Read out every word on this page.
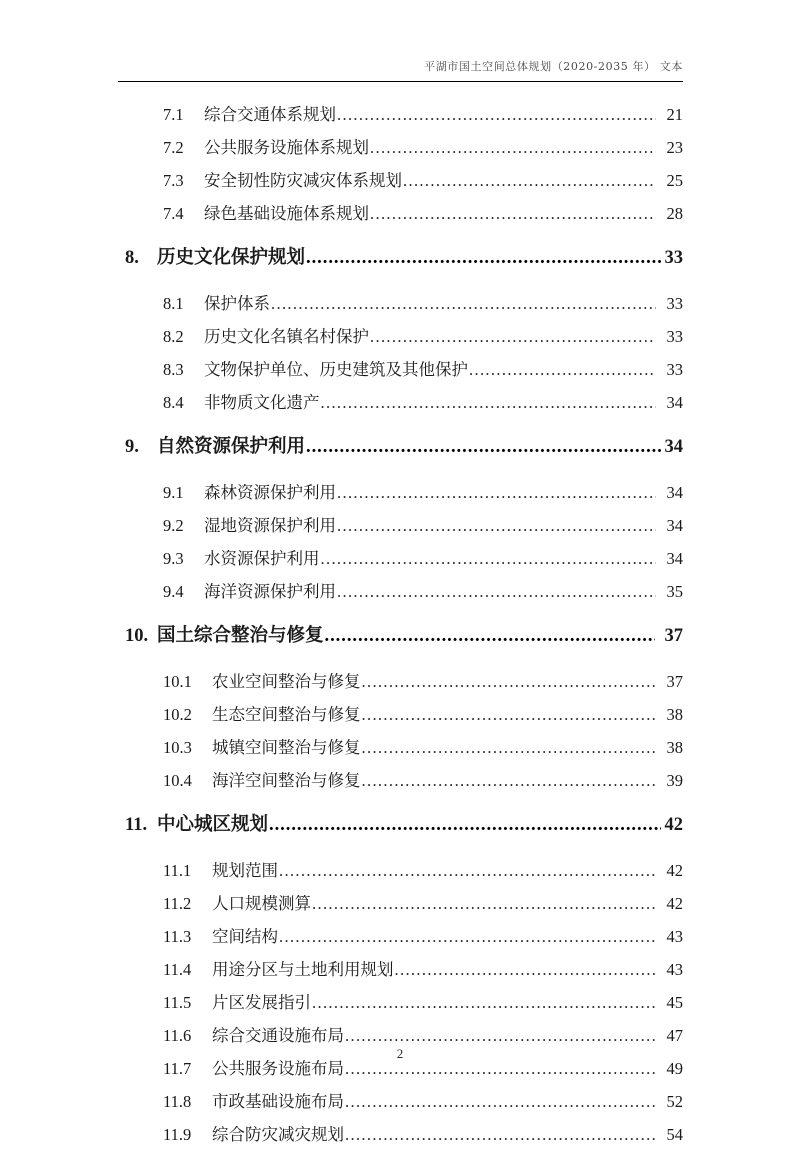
平湖市国土空间总体规划（2020-2035 年） 文本
7.1	综合交通体系规划 .....	21
7.2	公共服务设施体系规划 .....	23
7.3	安全韧性防灾减灾体系规划 .....	25
7.4	绿色基础设施体系规划 .....	28
8. 历史文化保护规划 .....	33
8.1	保护体系 .....	33
8.2	历史文化名镇名村保护 .....	33
8.3	文物保护单位、历史建筑及其他保护 .....	33
8.4	非物质文化遗产 .....	34
9. 自然资源保护利用 .....	34
9.1	森林资源保护利用 .....	34
9.2	湿地资源保护利用 .....	34
9.3	水资源保护利用 .....	34
9.4	海洋资源保护利用 .....	35
10. 国土综合整治与修复 .....	37
10.1	农业空间整治与修复 .....	37
10.2	生态空间整治与修复 .....	38
10.3	城镇空间整治与修复 .....	38
10.4	海洋空间整治与修复 .....	39
11. 中心城区规划 .....	42
11.1	规划范围 .....	42
11.2	人口规模测算 .....	42
11.3	空间结构 .....	43
11.4	用途分区与土地利用规划 .....	43
11.5	片区发展指引 .....	45
11.6	综合交通设施布局 .....	47
11.7	公共服务设施布局 .....	49
11.8	市政基础设施布局 .....	52
11.9	综合防灾减灾规划 .....	54
2
